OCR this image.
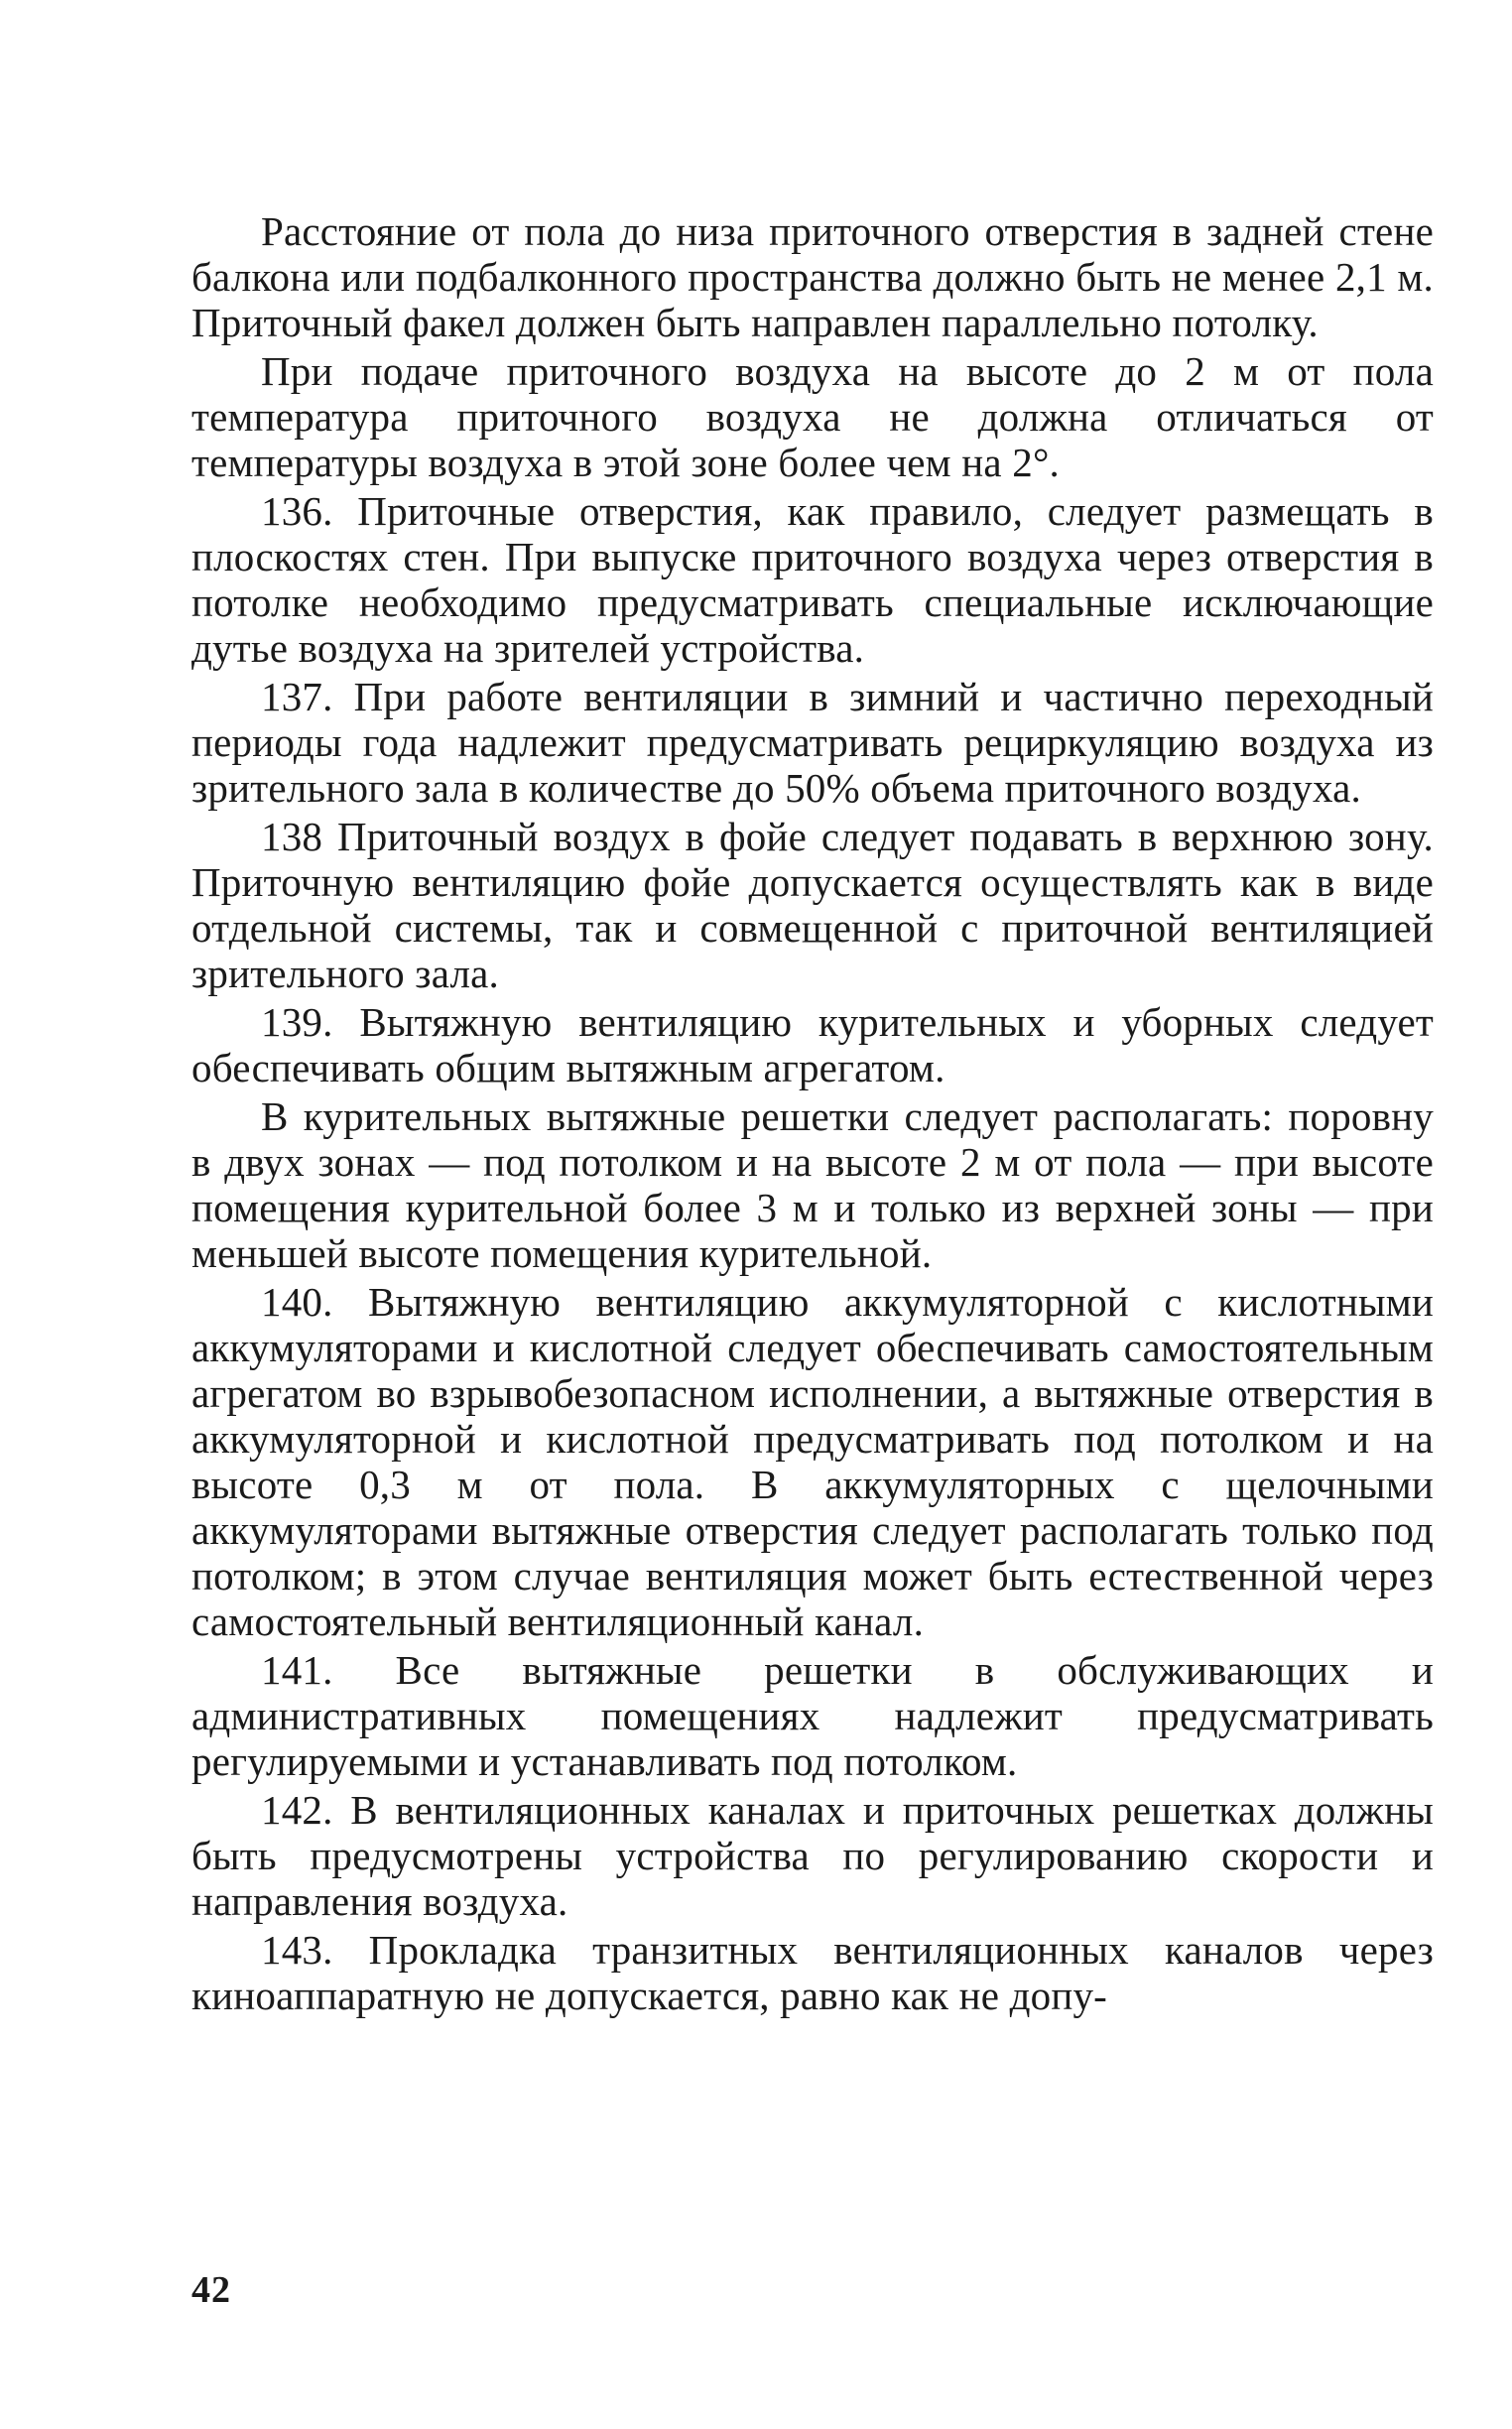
Расстояние от пола до низа приточного отверстия в задней стене балкона или подбалконного пространства должно быть не менее 2,1 м. Приточный факел должен быть направлен параллельно потолку.

При подаче приточного воздуха на высоте до 2 м от пола температура приточного воздуха не должна отличаться от температуры воздуха в этой зоне более чем на 2°.

136. Приточные отверстия, как правило, следует размещать в плоскостях стен. При выпуске приточного воздуха через отверстия в потолке необходимо предусматривать специальные исключающие дутье воздуха на зрителей устройства.

137. При работе вентиляции в зимний и частично переходный периоды года надлежит предусматривать рециркуляцию воздуха из зрительного зала в количестве до 50% объема приточного воздуха.

138 Приточный воздух в фойе следует подавать в верхнюю зону. Приточную вентиляцию фойе допускается осуществлять как в виде отдельной системы, так и совмещенной с приточной вентиляцией зрительного зала.

139. Вытяжную вентиляцию курительных и уборных следует обеспечивать общим вытяжным агрегатом.

В курительных вытяжные решетки следует располагать: поровну в двух зонах — под потолком и на высоте 2 м от пола — при высоте помещения курительной более 3 м и только из верхней зоны — при меньшей высоте помещения курительной.

140. Вытяжную вентиляцию аккумуляторной с кислотными аккумуляторами и кислотной следует обеспечивать самостоятельным агрегатом во взрывобезопасном исполнении, а вытяжные отверстия в аккумуляторной и кислотной предусматривать под потолком и на высоте 0,3 м от пола. В аккумуляторных с щелочными аккумуляторами вытяжные отверстия следует располагать только под потолком; в этом случае вентиляция может быть естественной через самостоятельный вентиляционный канал.

141. Все вытяжные решетки в обслуживающих и административных помещениях надлежит предусматривать регулируемыми и устанавливать под потолком.

142. В вентиляционных каналах и приточных решетках должны быть предусмотрены устройства по регулированию скорости и направления воздуха.

143. Прокладка транзитных вентиляционных каналов через киноаппаратную не допускается, равно как не допу-

42
